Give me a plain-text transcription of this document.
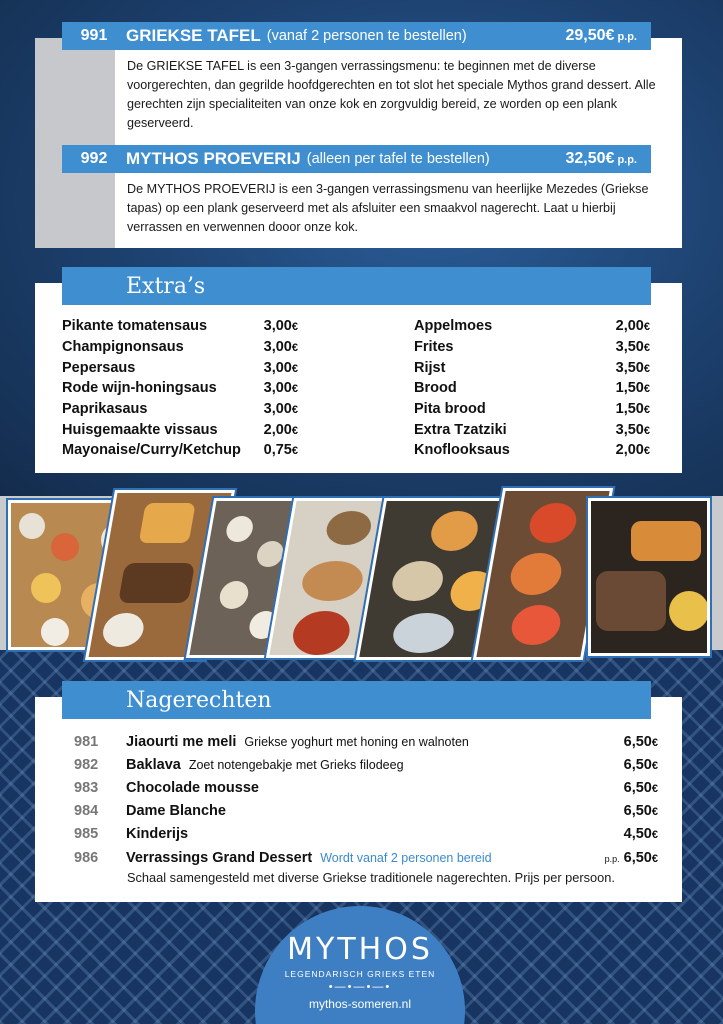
991	GRIEKSE TAFEL (vanaf 2 personen te bestellen)	29,50€ p.p.
De GRIEKSE TAFEL is een 3-gangen verrassingsmenu: te beginnen met de diverse voorgerechten, dan gegrilde hoofdgerechten en tot slot het speciale Mythos grand dessert. Alle gerechten zijn specialiteiten van onze kok en zorgvuldig bereid, ze worden op een plank geserveerd.
992	MYTHOS PROEVERIJ (alleen per tafel te bestellen)	32,50€ p.p.
De MYTHOS PROEVERIJ is een 3-gangen verrassingsmenu van heerlijke Mezedes (Griekse tapas) op een plank geserveerd met als afsluiter een smaakvol nagerecht. Laat u hierbij verrassen en verwennen dooor onze kok.
Extra’s
Pikante tomatensaus	3,00€
Champignonsaus	3,00€
Pepersaus	3,00€
Rode wijn-honingsaus	3,00€
Paprikasaus	3,00€
Huisgemaakte vissaus	2,00€
Mayonaise/Curry/Ketchup 0,75€
Appelmoes	2,00€
Frites	3,50€
Rijst	3,50€
Brood	1,50€
Pita brood	1,50€
Extra Tzatziki	3,50€
Knoflooksaus	2,00€
Nagerechten
981	Jiaourti me meli Griekse yoghurt met honing en walnoten	6,50€
982	Baklava Zoet notengebakje met Grieks filodeeg	6,50€
983	Chocolade mousse	6,50€
984	Dame Blanche	6,50€
985	Kinderijs	4,50€
986	Verrassings Grand Dessert Wordt vanaf 2 personen bereid	p.p. 6,50€
Schaal samengesteld met diverse Griekse traditionele nagerechten. Prijs per persoon.
MYTHOS
LEGENDARISCH GRIEKS ETEN
•—•—•—•
mythos-someren.nl
